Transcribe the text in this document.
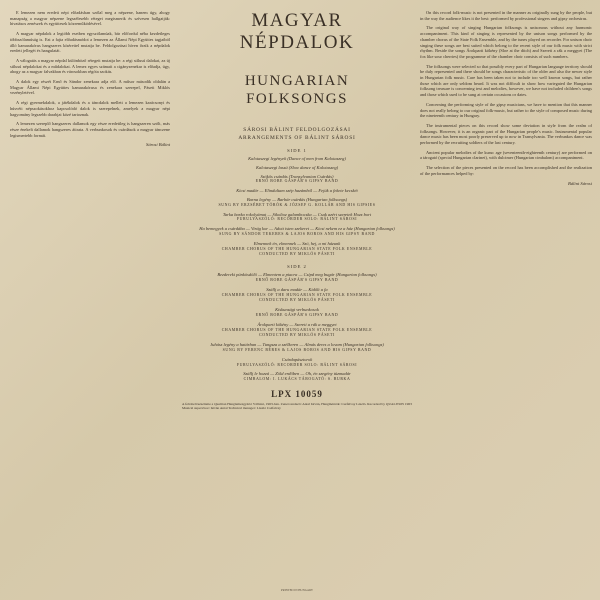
E lemezen nem eredeti népi előadásban szólal meg a népzene, hanem úgy, ahogy manapság a magyar népzene legszélesebb rétegei megismerik és szívesen hallgatják: hivatásos zenészek és együttesek közreműködésével.

A magyar népdalok a legtöbb esetben egyszólamúak, bár előfordul néha kezdetleges többszólamúság is. Ezt a fajta előadásmódot a lemezen az Állami Népi Együttes tagjaiból álló kamarakórus hangszeres kísérettel mutatja be. Feldolgozásai híven őrzik a népdalok eredeti jellegét és hangulatát.

A válogatás a magyar népdal különböző rétegeit mutatja be: a régi stílusú dalokat, az új stílusú népdalokat és a műdalokat. A lemez egyes számait a cigányzenekar is előadja, úgy, ahogy az a magyar falvakban és városokban régóta szokás.

A dalok egy részét Ernő és Sándor zenekara adja elő. A műsor második oldalán a Magyar Állami Népi Együttes kamarakórusa és zenekara szerepel, Páseti Miklós vezényletével.

A régi gyermekdalok, a játékdalok és a táncdalok mellett a lemezen karácsonyi és húsvéti népszokásokhoz kapcsolódó dalok is szerepelnek, amelyek a magyar népi hagyomány legszebb darabjai közé tartoznak.

A lemezen szereplő hangszeres dallamok egy része eredetileg is hangszeren szólt, más része énekelt dallamok hangszeres átirata. A verbunkosok és csárdások a magyar tánczene legismertebb formái.

Sárosi Bálint

MAGYAR
NÉPDALOK
HUNGARIAN
FOLKSONGS
SÁROSI BÁLINT FELDOLGOZÁSAI
ARRANGEMENTS OF BÁLINT SÁROSI
SIDE 1

Kalotaszegi legények (Dance of men from Kalotaszeg)

Kalotaszegi lassú (Slow dance of Kalotaszeg)

Szökős csárdás (Transylvanian Csárdás)
ERNŐ BOBE GÁSPÁR'S GIPSY BAND

Kicsi madár — Elindultam szép hazámból — Fejük a fekete kecskét

Barna legény — Barbár csárdás (Hungarian folksongs)
SUNG BY ERZSÉBET TÖRÖK & JÓZSEF G. KOLLÁR AND HIS GIPSIES

Tarka barka rokolyámat — Sikoltoz galambocska — Csak azért szeretek Hozz bort
FURULYASZÓLÓ: RECORDER SOLO: BÁLINT SÁROSI

Ha bemegyek a csárdába — Virág kor — Adott isten szekeret — Kicsi nekem ez a ház (Hungarian folksongs)
SUNG BY SÁNDOR TEKERES & LAJOS BOROS AND HIS GIPSY BAND

Elmennek én, elmennek — Szó, hej, a mi házunk
CHAMBER CHORUS OF THE HUNGARIAN STATE FOLK ENSEMBLE
CONDUCTED BY MIKLÓS PÁSETI

SIDE 2

Bezdereki pünkösdölő — Elmentem a piacra — Csípd meg bugár (Hungarian folksongs)
ERNŐ BOBE GÁSPÁR'S GIPSY BAND

Szállj a daru madár — Kidőlt a fa
CHAMBER CHORUS OF THE HUNGARIAN STATE FOLK ENSEMBLE
CONDUCTED BY MIKLÓS PÁSETI

Kiskunsági verbunkosok
ERNŐ BOBE GÁSPÁR'S GIPSY BAND

Árokparti kökény — Szereti a rák a meggyet
CHAMBER CHORUS OF THE HUNGARIAN STATE FOLK ENSEMBLE
CONDUCTED BY MIKLÓS PÁSETI

Juhász legény a határban — Tungsza a szélkeren — Almás deres a lovam (Hungarian folksongs)
SUNG BY FERENC BÉRES & LAJOS BOROS AND HIS GIPSY BAND

Csárdapásztorok
FURULYASZÓLÓ: RECORDER SOLO: BÁLINT SÁROSI

Szállj le hozzá — Zöld erdőben — Oh, én szegény tüzmadár
CIMBALOM: I. LUKÁCS TÁROGATÓ: S. BURKA

LPX 10059
A felvételt készítette a Qualiton Hanglemezgyártó Vállalat, 1963-ban. Zenei rendező: Antal István, Hangmérnök: Cséfalvay László. Recorded by QUALITON 1963 Musical supervisor: István Antal Technical manager: László Csáfalvay

On this record folk-music is not presented in the manner as originally sung by the people, but in the way the audience likes it the best: performed by professional singers and gipsy orchestras.

The original way of singing Hungarian folksongs is unisonous without any harmonic accompaniment. This kind of singing is represented by the unison songs performed by the chamber chorus of the State Folk Ensemble, and by the tunes played on recorder. For unison choir singing these songs are best suited which belong to the recent style of our folk music with strict rhythm. Beside the songs Árokparti kökény (Sloe at the ditch) and Szereti a rák a meggyet (The fox like sour cherries) the programme of the chamber choir consists of such numbers.

The folksongs were selected so that possibly every part of Hungarian language territory should be duly represented and there should be songs characteristic of the older and also the newer style in Hungarian folk music. Care has been taken not to include too well known songs, but rather those which are only seldom heard. It was not difficult to show how variegated the Hungarian folksong treasure is concerning text and melodies, however, we have not included children's songs and those which used to be sung at certain occasions or dates.

Concerning the performing style of the gipsy musicians, we have to mention that this manner does not really belong to our original folk-music, but rather to the style of composed music during the nineteenth century in Hungary.

The instrumental pieces on this record show some deviation in style from the realm of folksongs. However, it is an organic part of the Hungarian people's music. Instrumental popular dance music has been most poorly preserved up to now in Transylvania. The verbunkos dance was performed by the recruiting soldiers of the last century.

Ancient popular melodies of the kuruc age (seventeenth-eighteenth century) are performed on a tárogató (special Hungarian clarinet), with dulcimer (Hungarian cimbalom) accompaniment.

The selection of the pieces presented on the record has been accomplished and the realization of the performances helped by:

Bálint Sárosi

PRINTED IN HUNGARY
